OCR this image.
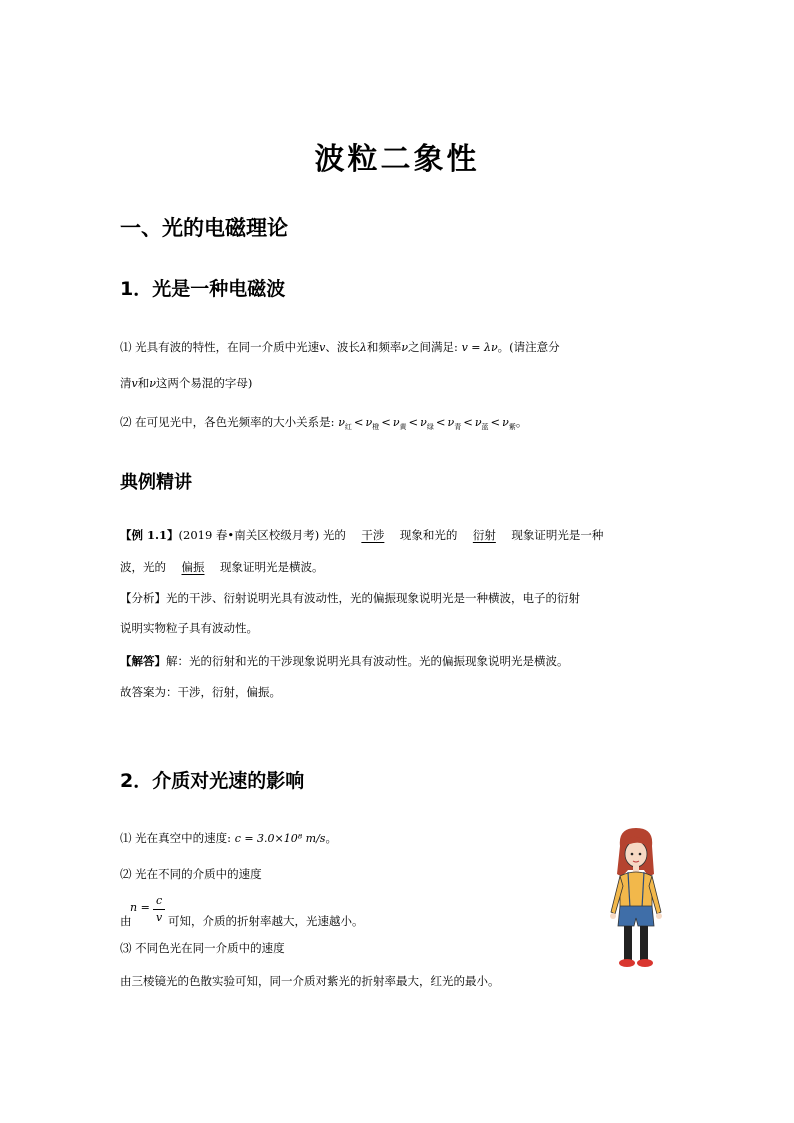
波粒二象性
一、光的电磁理论
1．光是一种电磁波
⑴ 光具有波的特性，在同一介质中光速v、波长λ和频率ν之间满足: v = λν。(请注意分
清v和ν这两个易混的字母)
⑵ 在可见光中，各色光频率的大小关系是: $\nu_红 < \nu_橙 < \nu_黄 < \nu_绿 < \nu_青 < \nu_蓝 < \nu_紫$。
典例精讲
【例 1.1】(2019 春•南关区校级月考) 光的 干涉 现象和光的 衍射 现象证明光是一种
波，光的 偏振 现象证明光是横波。
【分析】光的干涉、衍射说明光具有波动性，光的偏振现象说明光是一种横波，电子的衍射
说明实物粒子具有波动性。
【解答】解：光的衍射和光的干涉现象说明光具有波动性。光的偏振现象说明光是横波。
故答案为：干涉，衍射，偏振。
2．介质对光速的影响
⑴ 光在真空中的速度: c = 3.0×10⁸ m/s。
⑵ 光在不同的介质中的速度
由
n =
c
v 可知，介质的折射率越大，光速越小。
⑶ 不同色光在同一介质中的速度
由三棱镜光的色散实验可知，同一介质对紫光的折射率最大，红光的最小。
